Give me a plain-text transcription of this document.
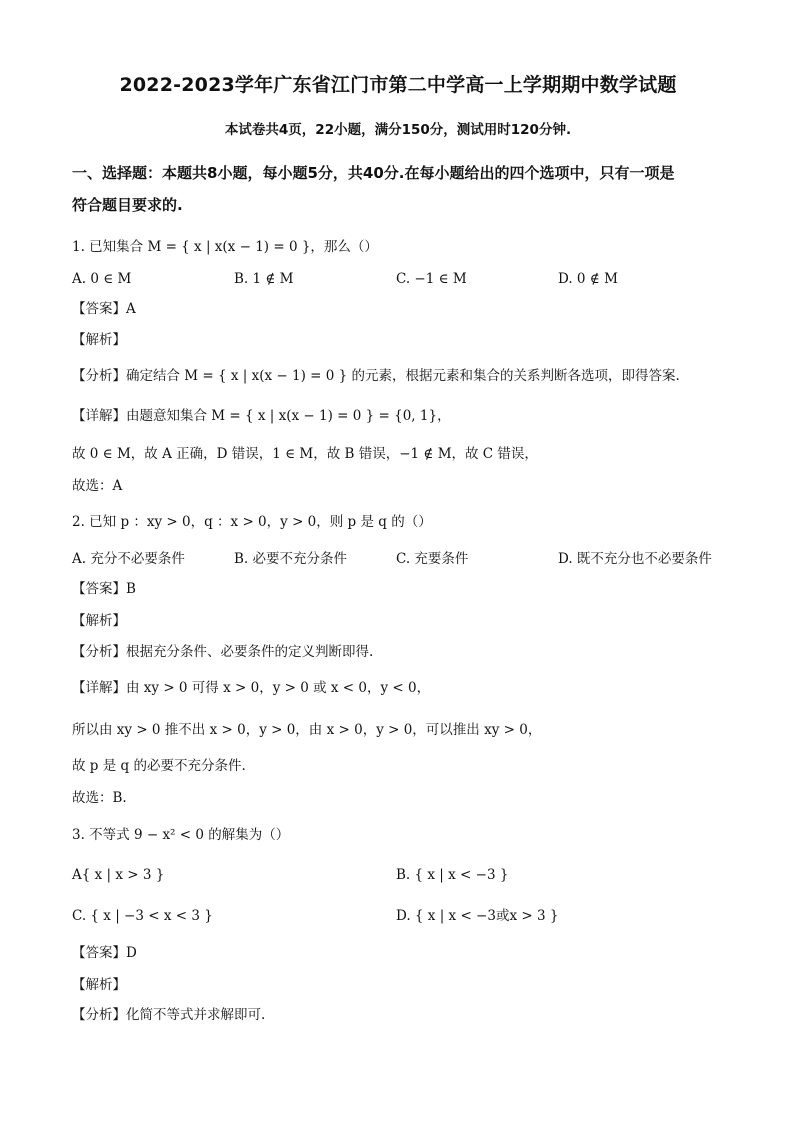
2022-2023学年广东省江门市第二中学高一上学期期中数学试题
本试卷共4页，22小题，满分150分，测试用时120分钟.
一、选择题：本题共8小题，每小题5分，共40分.在每小题给出的四个选项中，只有一项是
符合题目要求的.
1. 已知集合 M = { x | x(x − 1) = 0 }，那么（）
A. 0 ∈ M	B. 1 ∉ M	C. −1 ∈ M	D. 0 ∉ M
【答案】A
【解析】
【分析】确定结合 M = { x | x(x − 1) = 0 } 的元素，根据元素和集合的关系判断各选项，即得答案.
【详解】由题意知集合 M = { x | x(x − 1) = 0 } = {0, 1}，
故 0 ∈ M，故 A 正确，D 错误，1 ∈ M，故 B 错误，−1 ∉ M，故 C 错误，
故选：A
2. 已知 p ：xy > 0，q ：x > 0，y > 0，则 p 是 q 的（）
A. 充分不必要条件	B. 必要不充分条件	C. 充要条件	D. 既不充分也不必要条件
【答案】B
【解析】
【分析】根据充分条件、必要条件的定义判断即得.
【详解】由 xy > 0 可得 x > 0，y > 0 或 x < 0，y < 0，
所以由 xy > 0 推不出 x > 0，y > 0，由 x > 0，y > 0，可以推出 xy > 0，
故 p 是 q 的必要不充分条件.
故选：B.
3. 不等式 9 − x² < 0 的解集为（）
A{ x | x > 3 }	B. { x | x < −3 }
C. { x | −3 < x < 3 }	D. { x | x < −3或x > 3 }
【答案】D
【解析】
【分析】化简不等式并求解即可.
